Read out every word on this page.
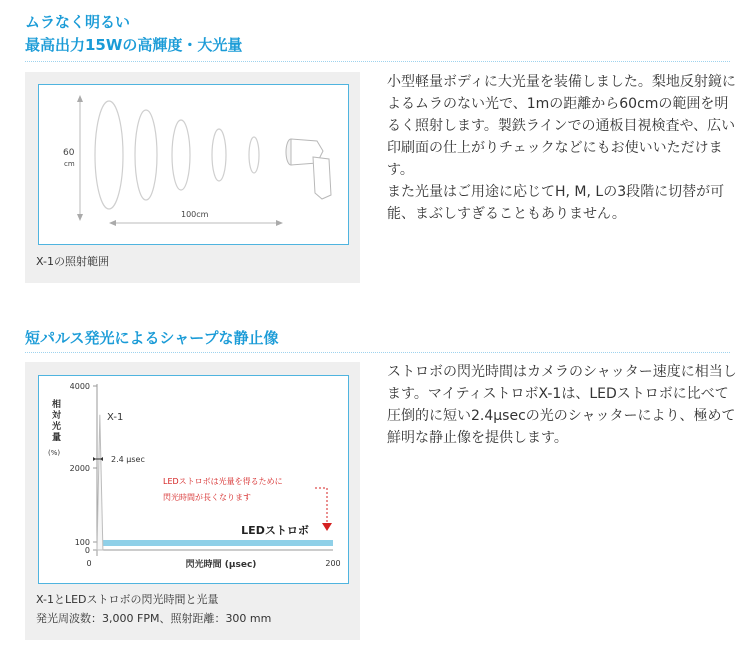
ムラなく明るい
最高出力15Wの高輝度・大光量
60
cm
100cm
X-1の照射範囲

小型軽量ボディに大光量を装備しました。梨地反射鏡によるムラのない光で、1mの距離から60cmの範囲を明るく照射します。製鉄ラインでの通板目視検査や、広い印刷面の仕上がりチェックなどにもお使いいただけます。

また光量はご用途に応じてH, M, Lの3段階に切替が可能、まぶしすぎることもありません。

短パルス発光によるシャープな静止像
4000
2000
100
0
0	200
相
対
光
量
(%)
閃光時間 (μsec)
LEDストロボ
X-1
2.4 μsec
LEDストロボは光量を得るために
閃光時間が長くなります
X-1とLEDストロボの閃光時間と光量
発光周波数：3,000 FPM、照射距離：300 mm
ストロボの閃光時間はカメラのシャッター速度に相当します。マイティストロボX-1は、LEDストロボに比べて圧倒的に短い2.4μsecの光のシャッターにより、極めて鮮明な静止像を提供します。
